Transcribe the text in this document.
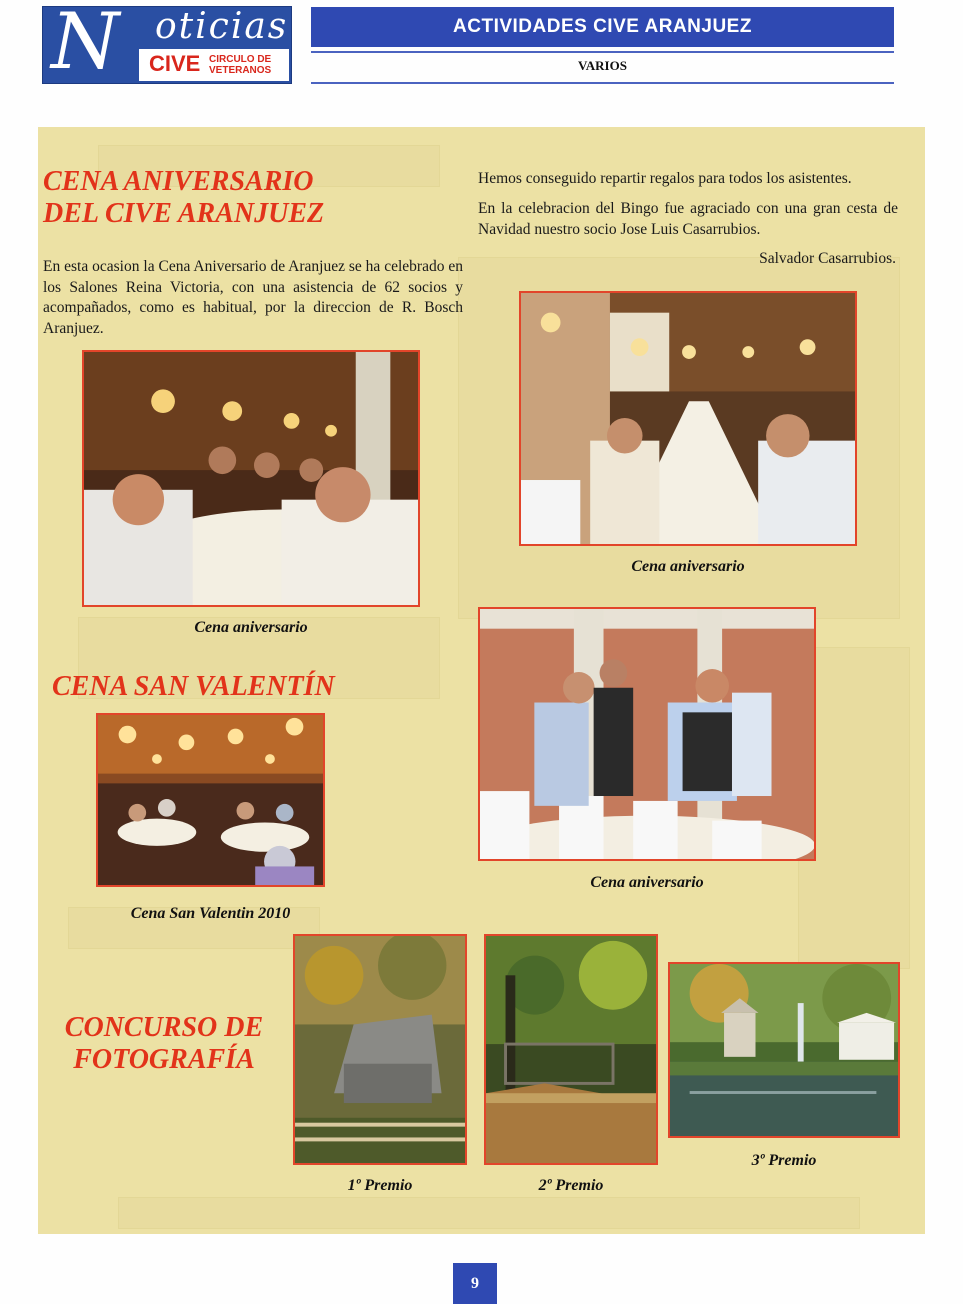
N oticias
CIVE CIRCULO DE
VETERANOS
ACTIVIDADES CIVE ARANJUEZ
VARIOS
CENA ANIVERSARIO
DEL CIVE ARANJUEZ

En esta ocasion la Cena Aniversario de Aranjuez se ha celebrado en los Salones Reina Victoria, con una asistencia de 62 socios y acompañados, como es habitual, por la direccion de R. Bosch Aranjuez.

Hemos conseguido repartir regalos para todos los asistentes.

En la celebracion del Bingo fue agraciado con una gran cesta de Navidad nuestro socio Jose Luis Casarrubios.

Salvador Casarrubios.

Cena aniversario
Cena aniversario
Cena aniversario
CENA SAN VALENTÍN
Cena San Valentin 2010
CONCURSO DE
FOTOGRAFÍA
1º Premio	2º Premio
3º Premio
9
